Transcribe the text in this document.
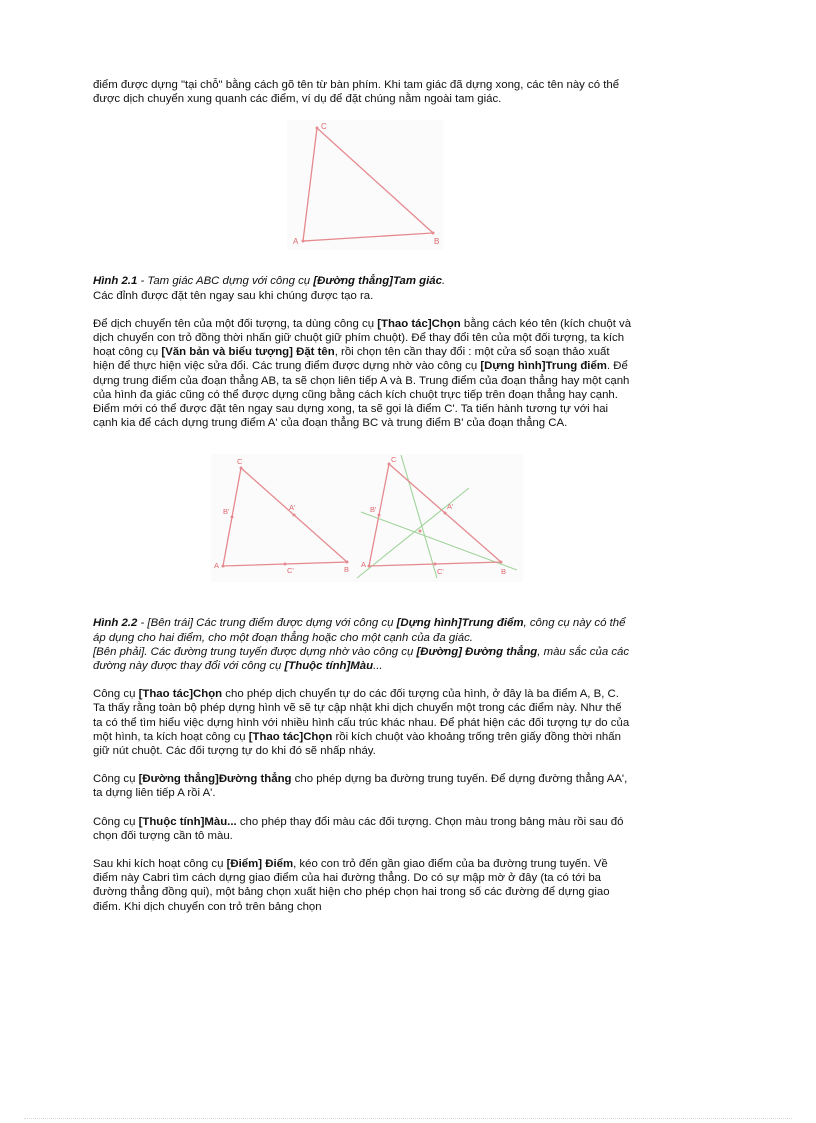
điểm được dựng "tại chỗ" bằng cách gõ tên từ bàn phím. Khi tam giác đã dựng xong, các tên này có thể được dịch chuyển xung quanh các điểm, ví dụ để đặt chúng nằm ngoài tam giác.

C
A	B

Hình 2.1 - Tam giác ABC dựng với công cụ [Đường thẳng]Tam giác.

Các đỉnh được đặt tên ngay sau khi chúng được tạo ra.

Để dịch chuyển tên của một đối tượng, ta dùng công cụ [Thao tác]Chọn bằng cách kéo tên (kích chuột và dịch chuyển con trỏ đồng thời nhấn giữ chuột giữ phím chuột). Để thay đổi tên của một đối tượng, ta kích hoạt công cụ [Văn bản và biểu tượng] Đặt tên, rồi chọn tên cần thay đổi : một cửa sổ soạn thảo xuất hiện để thực hiện việc sửa đổi. Các trung điểm được dựng nhờ vào công cụ [Dựng hình]Trung điểm. Để dựng trung điểm của đoạn thẳng AB, ta sẽ chọn liên tiếp A và B. Trung điểm của đoạn thẳng hay một cạnh của hình đa giác cũng có thể được dựng cũng bằng cách kích chuột trực tiếp trên đoạn thẳng hay cạnh. Điểm mới có thể được đặt tên ngay sau dựng xong, ta sẽ gọi là điểm C'. Ta tiến hành tương tự với hai cạnh kia để cách dựng trung điểm A' của đoạn thẳng BC và trung điểm B' của đoạn thẳng CA.

C
B'	A'
A
C'	B
C
B'	A'
A
C'	B

Hình 2.2 - [Bên trái] Các trung điểm được dựng với công cụ [Dựng hình]Trung điểm, công cụ này có thể áp dụng cho hai điểm, cho một đoạn thẳng hoặc cho một cạnh của đa giác.

[Bên phải]. Các đường trung tuyến được dựng nhờ vào công cụ [Đường] Đường thẳng, màu sắc của các đường này được thay đổi với công cụ [Thuộc tính]Màu...

Công cụ [Thao tác]Chọn cho phép dịch chuyển tự do các đối tượng của hình, ở đây là ba điểm A, B, C. Ta thấy rằng toàn bộ phép dựng hình vẽ sẽ tự cập nhật khi dịch chuyển một trong các điểm này. Như thế ta có thể tìm hiểu việc dựng hình với nhiều hình cấu trúc khác nhau. Để phát hiện các đối tượng tự do của một hình, ta kích hoạt công cụ [Thao tác]Chọn rồi kích chuột vào khoảng trống trên giấy đồng thời nhấn giữ nút chuột. Các đối tượng tự do khi đó sẽ nhấp nháy.

Công cụ [Đường thẳng]Đường thẳng cho phép dựng ba đường trung tuyến. Để dựng đường thẳng AA', ta dựng liên tiếp A rồi A'.

Công cụ [Thuộc tính]Màu... cho phép thay đổi màu các đối tượng. Chọn màu trong bảng màu rồi sau đó chọn đối tượng cần tô màu.

Sau khi kích hoạt công cụ [Điểm] Điểm, kéo con trỏ đến gần giao điểm của ba đường trung tuyến. Về điểm này Cabri tìm cách dựng giao điểm của hai đường thẳng. Do có sự mập mờ ở đây (ta có tới ba đường thẳng đồng qui), một bảng chọn xuất hiện cho phép chọn hai trong số các đường để dựng giao điểm. Khi dịch chuyển con trỏ trên bảng chọn
